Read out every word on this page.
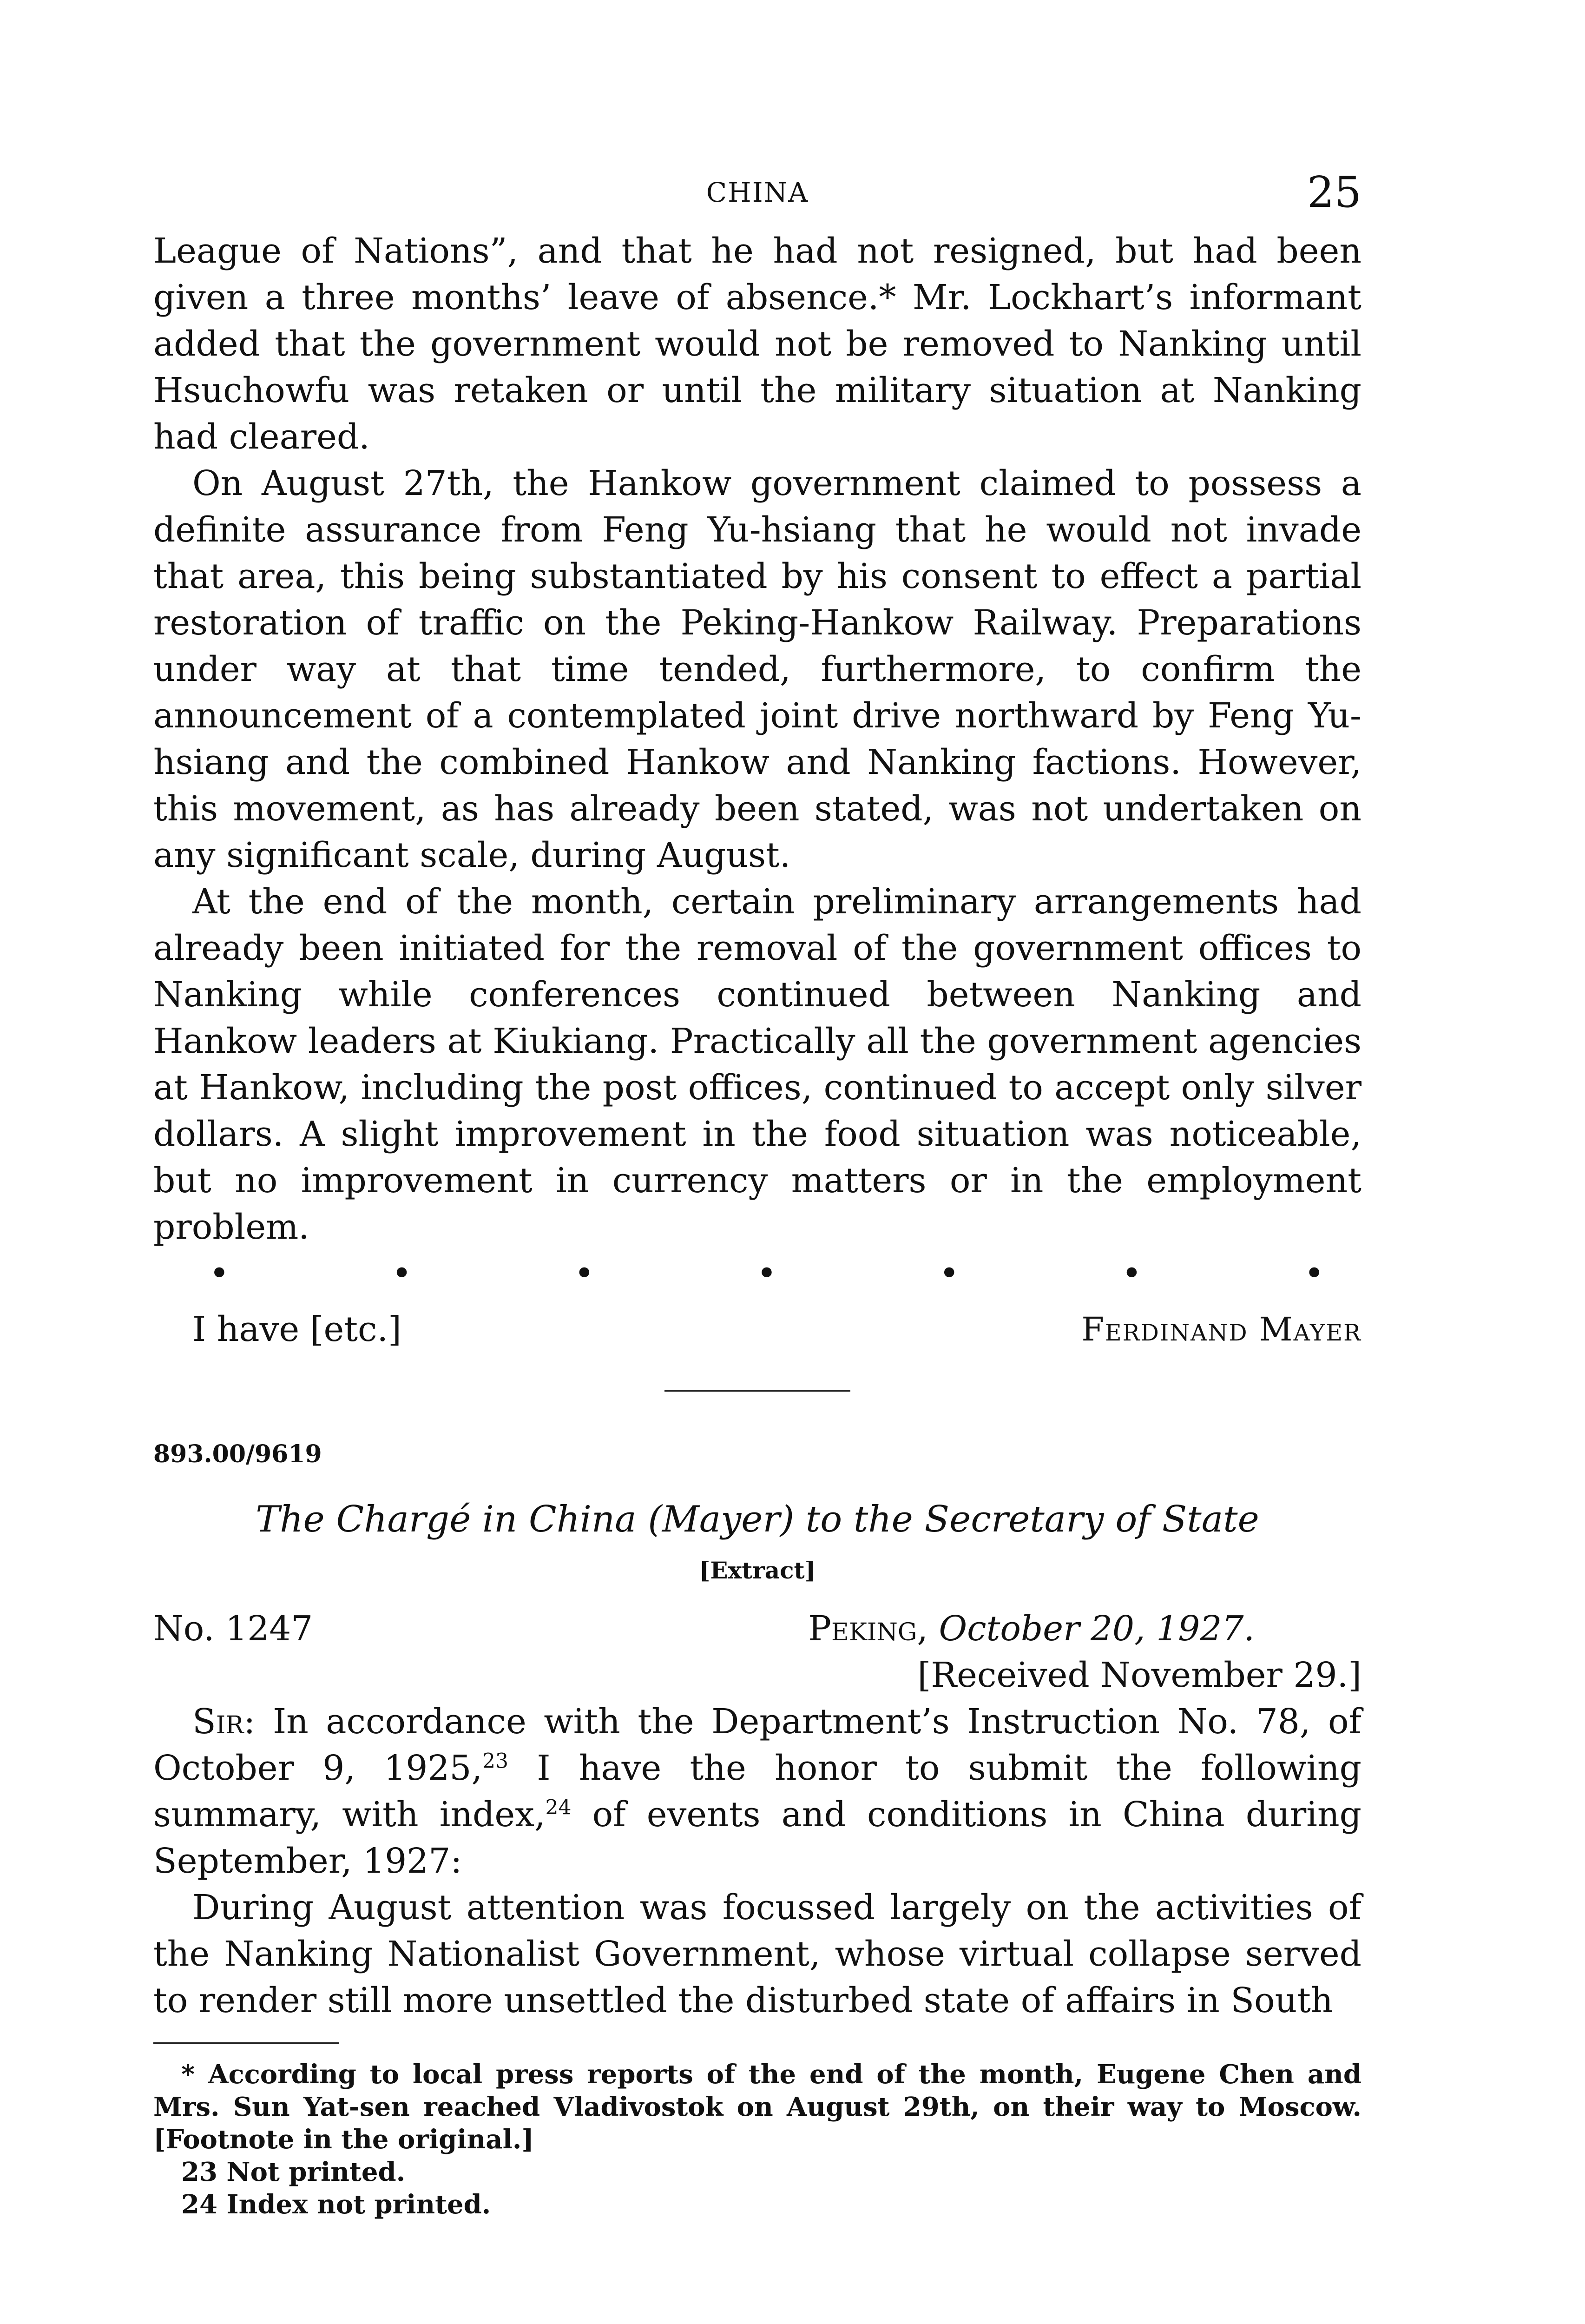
CHINA	25

League of Nations”, and that he had not resigned, but had been given a three months’ leave of absence.* Mr. Lockhart’s informant added that the government would not be removed to Nanking until Hsuchowfu was retaken or until the military situation at Nanking had cleared.

On August 27th, the Hankow government claimed to possess a definite assurance from Feng Yu-hsiang that he would not invade that area, this being substantiated by his consent to effect a partial restoration of traffic on the Peking-Hankow Railway. Preparations under way at that time tended, furthermore, to confirm the announcement of a contemplated joint drive northward by Feng Yu-hsiang and the combined Hankow and Nanking factions. However, this movement, as has already been stated, was not undertaken on any significant scale, during August.

At the end of the month, certain preliminary arrangements had already been initiated for the removal of the government offices to Nanking while conferences continued between Nanking and Hankow leaders at Kiukiang. Practically all the government agencies at Hankow, including the post offices, continued to accept only silver dollars. A slight improvement in the food situation was noticeable, but no improvement in currency matters or in the employment problem.

•	•	•	•	•	•	•
I have [etc.]	Ferdinand Mayer
893.00/9619
The Chargé in China (Mayer) to the Secretary of State
[Extract]
No. 1247	Peking, October 20, 1927.
[Received November 29.]

Sir: In accordance with the Department’s Instruction No. 78, of October 9, 1925,23 I have the honor to submit the following summary, with index,$^{24}$ of events and conditions in China during September, 1927:

During August attention was focussed largely on the activities of the Nanking Nationalist Government, whose virtual collapse served to render still more unsettled the disturbed state of affairs in South

* According to local press reports of the end of the month, Eugene Chen and Mrs. Sun Yat-sen reached Vladivostok on August 29th, on their way to Moscow. [Footnote in the original.]

23 Not printed.

24 Index not printed.
